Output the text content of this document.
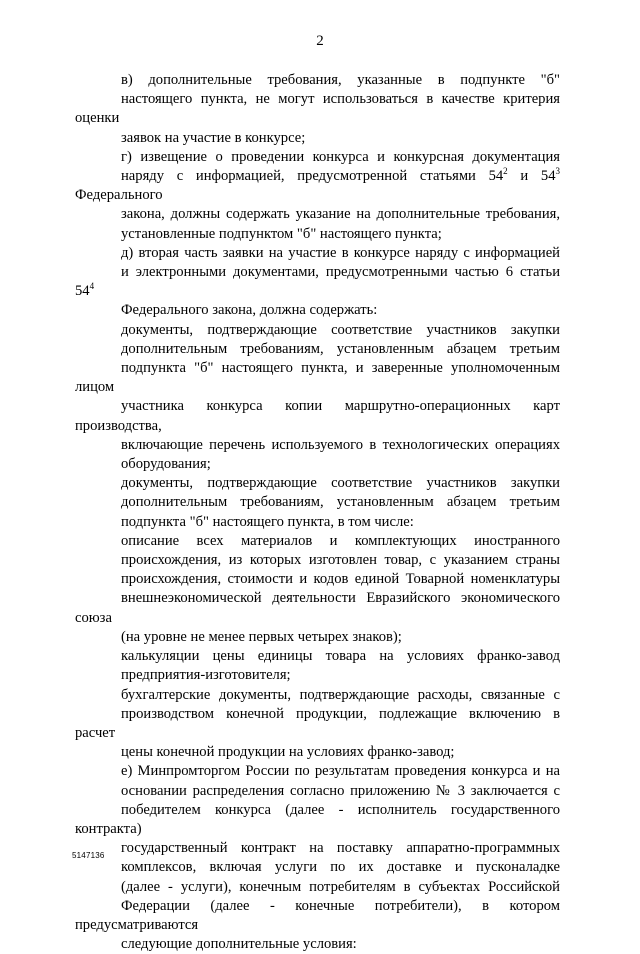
2

в) дополнительные требования, указанные в подпункте "б"
настоящего пункта, не могут использоваться в качестве критерия оценки
заявок на участие в конкурсе;

г) извещение о проведении конкурса и конкурсная документация
наряду с информацией, предусмотренной статьями $54^2$ и $54^3$ Федерального
закона, должны содержать указание на дополнительные требования,
установленные подпунктом "б" настоящего пункта;

д) вторая часть заявки на участие в конкурсе наряду с информацией
и электронными документами, предусмотренными частью 6 статьи $54^4$
Федерального закона, должна содержать:

документы, подтверждающие соответствие участников закупки
дополнительным требованиям, установленным абзацем третьим
подпункта "б" настоящего пункта, и заверенные уполномоченным лицом
участника конкурса копии маршрутно-операционных карт производства,
включающие перечень используемого в технологических операциях
оборудования;

документы, подтверждающие соответствие участников закупки
дополнительным требованиям, установленным абзацем третьим
подпункта "б" настоящего пункта, в том числе:

описание всех материалов и комплектующих иностранного
происхождения, из которых изготовлен товар, с указанием страны
происхождения, стоимости и кодов единой Товарной номенклатуры
внешнеэкономической деятельности Евразийского экономического союза
(на уровне не менее первых четырех знаков);

калькуляции цены единицы товара на условиях франко-завод
предприятия-изготовителя;

бухгалтерские документы, подтверждающие расходы, связанные с
производством конечной продукции, подлежащие включению в расчет
цены конечной продукции на условиях франко-завод;

е) Минпромторгом России по результатам проведения конкурса и на
основании распределения согласно приложению № 3 заключается с
победителем конкурса (далее - исполнитель государственного контракта)
государственный контракт на поставку аппаратно-программных
комплексов, включая услуги по их доставке и пусконаладке
(далее - услуги), конечным потребителям в субъектах Российской
Федерации (далее - конечные потребители), в котором предусматриваются
следующие дополнительные условия:

5147136
